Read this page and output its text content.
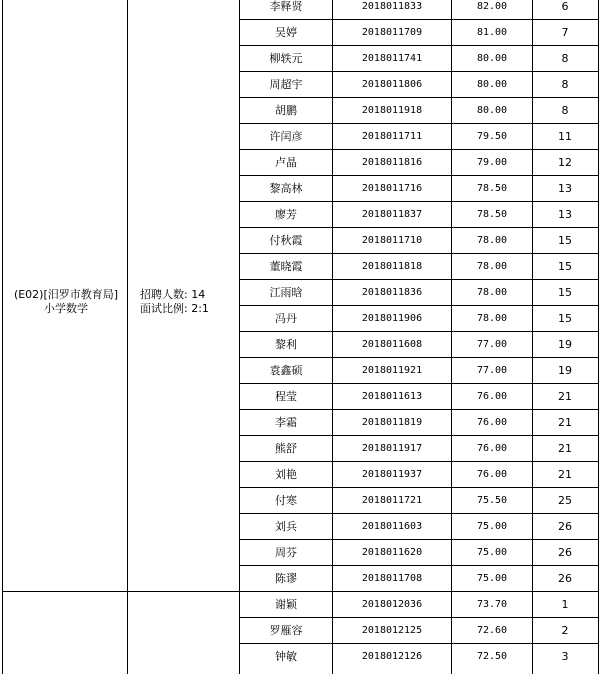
李释贤	2018011833	82.00	6
吴婷	2018011709	81.00	7
柳轶元	2018011741	80.00	8
周超宇	2018011806	80.00	8
胡鹏	2018011918	80.00	8
许闰彦	2018011711	79.50	11
卢晶	2018011816	79.00	12
黎高林	2018011716	78.50	13
廖芳	2018011837	78.50	13
付秋霞	2018011710	78.00	15
董晓霞	2018011818	78.00	15
江雨晗	2018011836	78.00	15
冯丹	2018011906	78.00	15
黎利	2018011608	77.00	19
袁鑫硕	2018011921	77.00	19
程莹	2018011613	76.00	21
李霜	2018011819	76.00	21
熊舒	2018011917	76.00	21
刘艳	2018011937	76.00	21
付寒	2018011721	75.50	25
刘兵	2018011603	75.00	26
周芬	2018011620	75.00	26
陈谬	2018011708	75.00	26
(E02)[汨罗市教育局]
小学数学
招聘人数: 14
面试比例: 2:1
谢颖	2018012036	73.70	1
罗雁容	2018012125	72.60	2
钟敏	2018012126	72.50	3
